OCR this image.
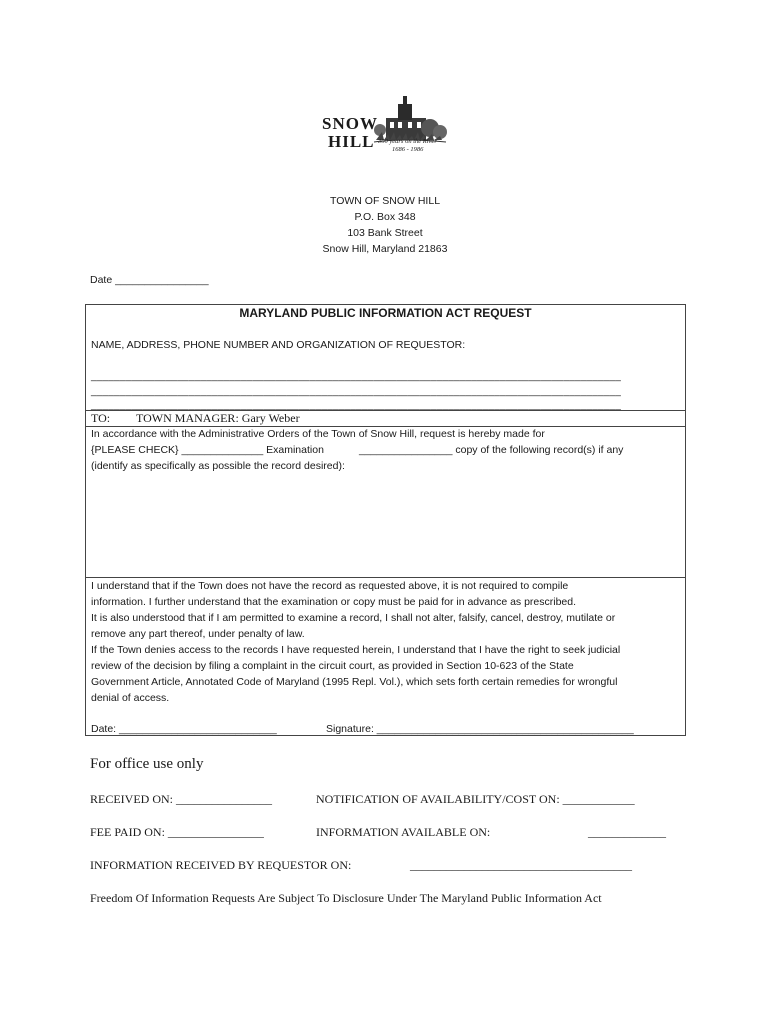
SNOW
HILL 300 years on the River
1686 - 1986
TOWN OF SNOW HILL
P.O. Box 348
103 Bank Street
Snow Hill, Maryland 21863
Date ________________
MARYLAND PUBLIC INFORMATION ACT REQUEST
NAME, ADDRESS, PHONE NUMBER AND ORGANIZATION OF REQUESTOR:
____________________________________________________________________________________________
____________________________________________________________________________________________
____________________________________________________________________________________________
TO: TOWN MANAGER: Gary Weber
In accordance with the Administrative Orders of the Town of Snow Hill, request is hereby made for
{PLEASE CHECK} ______________ Examination	________________ copy of the following record(s) if any
(identify as specifically as possible the record desired):
I understand that if the Town does not have the record as requested above, it is not required to compile
information. I further understand that the examination or copy must be paid for in advance as prescribed.
It is also understood that if I am permitted to examine a record, I shall not alter, falsify, cancel, destroy, mutilate or
remove any part thereof, under penalty of law.
If the Town denies access to the records I have requested herein, I understand that I have the right to seek judicial
review of the decision by filing a complaint in the circuit court, as provided in Section 10-623 of the State
Government Article, Annotated Code of Maryland (1995 Repl. Vol.), which sets forth certain remedies for wrongful
denial of access.
Date: ___________________________	Signature: ____________________________________________
For office use only
RECEIVED ON: ________________	NOTIFICATION OF AVAILABILITY/COST ON: ____________
FEE PAID ON: ________________	INFORMATION AVAILABLE ON:	_____________
INFORMATION RECEIVED BY REQUESTOR ON:	_____________________________________
Freedom Of Information Requests Are Subject To Disclosure Under The Maryland Public Information Act
